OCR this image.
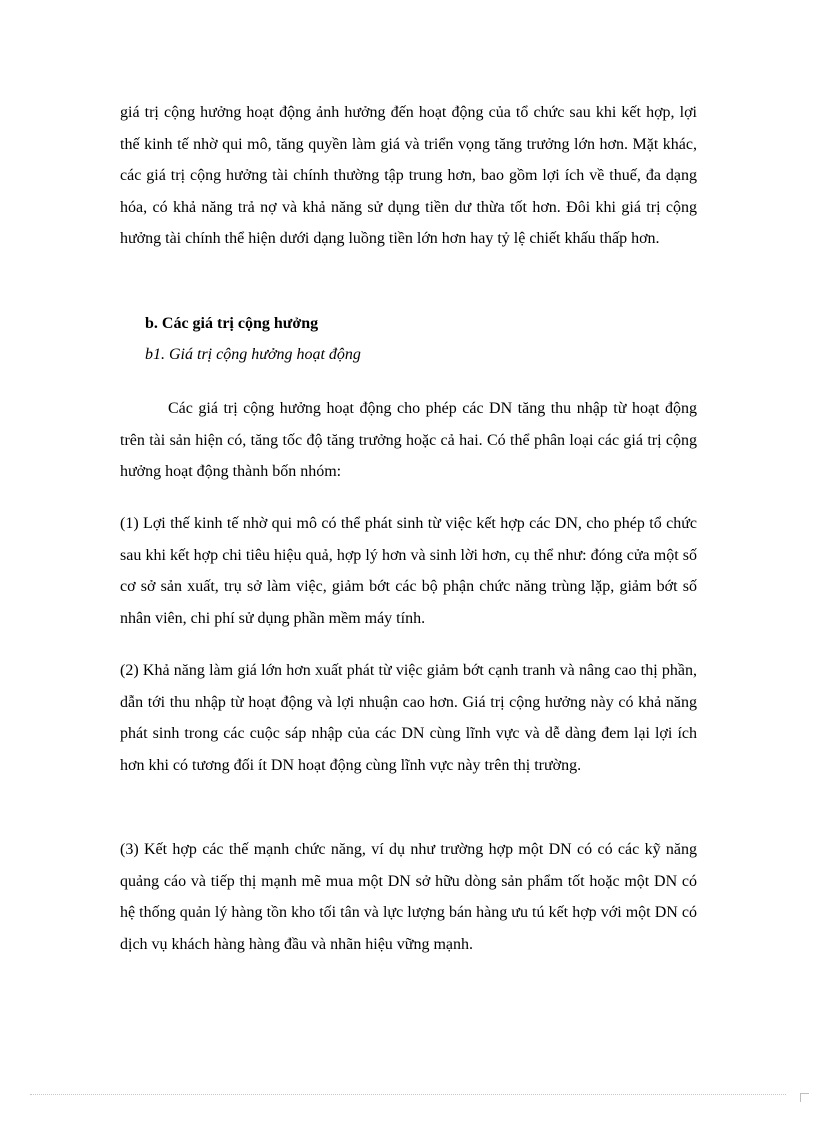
giá trị cộng hưởng hoạt động ảnh hưởng đến hoạt động của tổ chức sau khi kết hợp, lợi thế kinh tế nhờ qui mô, tăng quyền làm giá và triển vọng tăng trưởng lớn hơn. Mặt khác, các giá trị cộng hưởng tài chính thường tập trung hơn, bao gồm lợi ích về thuế, đa dạng hóa, có khả năng trả nợ và khả năng sử dụng tiền dư thừa tốt hơn. Đôi khi giá trị cộng hưởng tài chính thể hiện dưới dạng luồng tiền lớn hơn hay tỷ lệ chiết khấu thấp hơn.

b. Các giá trị cộng hưởng
b1. Giá trị cộng hưởng hoạt động

Các giá trị cộng hưởng hoạt động cho phép các DN tăng thu nhập từ hoạt động trên tài sản hiện có, tăng tốc độ tăng trưởng hoặc cả hai. Có thể phân loại các giá trị cộng hưởng hoạt động thành bốn nhóm:

(1) Lợi thế kinh tế nhờ qui mô có thể phát sinh từ việc kết hợp các DN, cho phép tổ chức sau khi kết hợp chi tiêu hiệu quả, hợp lý hơn và sinh lời hơn, cụ thể như: đóng cửa một số cơ sở sản xuất, trụ sở làm việc, giảm bớt các bộ phận chức năng trùng lặp, giảm bớt số nhân viên, chi phí sử dụng phần mềm máy tính.

(2) Khả năng làm giá lớn hơn xuất phát từ việc giảm bớt cạnh tranh và nâng cao thị phần, dẫn tới thu nhập từ hoạt động và lợi nhuận cao hơn. Giá trị cộng hưởng này có khả năng phát sinh trong các cuộc sáp nhập của các DN cùng lĩnh vực và dễ dàng đem lại lợi ích hơn khi có tương đối ít DN hoạt động cùng lĩnh vực này trên thị trường.

(3) Kết hợp các thế mạnh chức năng, ví dụ như trường hợp một DN có có các kỹ năng quảng cáo và tiếp thị mạnh mẽ mua một DN sở hữu dòng sản phẩm tốt hoặc một DN có hệ thống quản lý hàng tồn kho tối tân và lực lượng bán hàng ưu tú kết hợp với một DN có dịch vụ khách hàng hàng đầu và nhãn hiệu vững mạnh.
